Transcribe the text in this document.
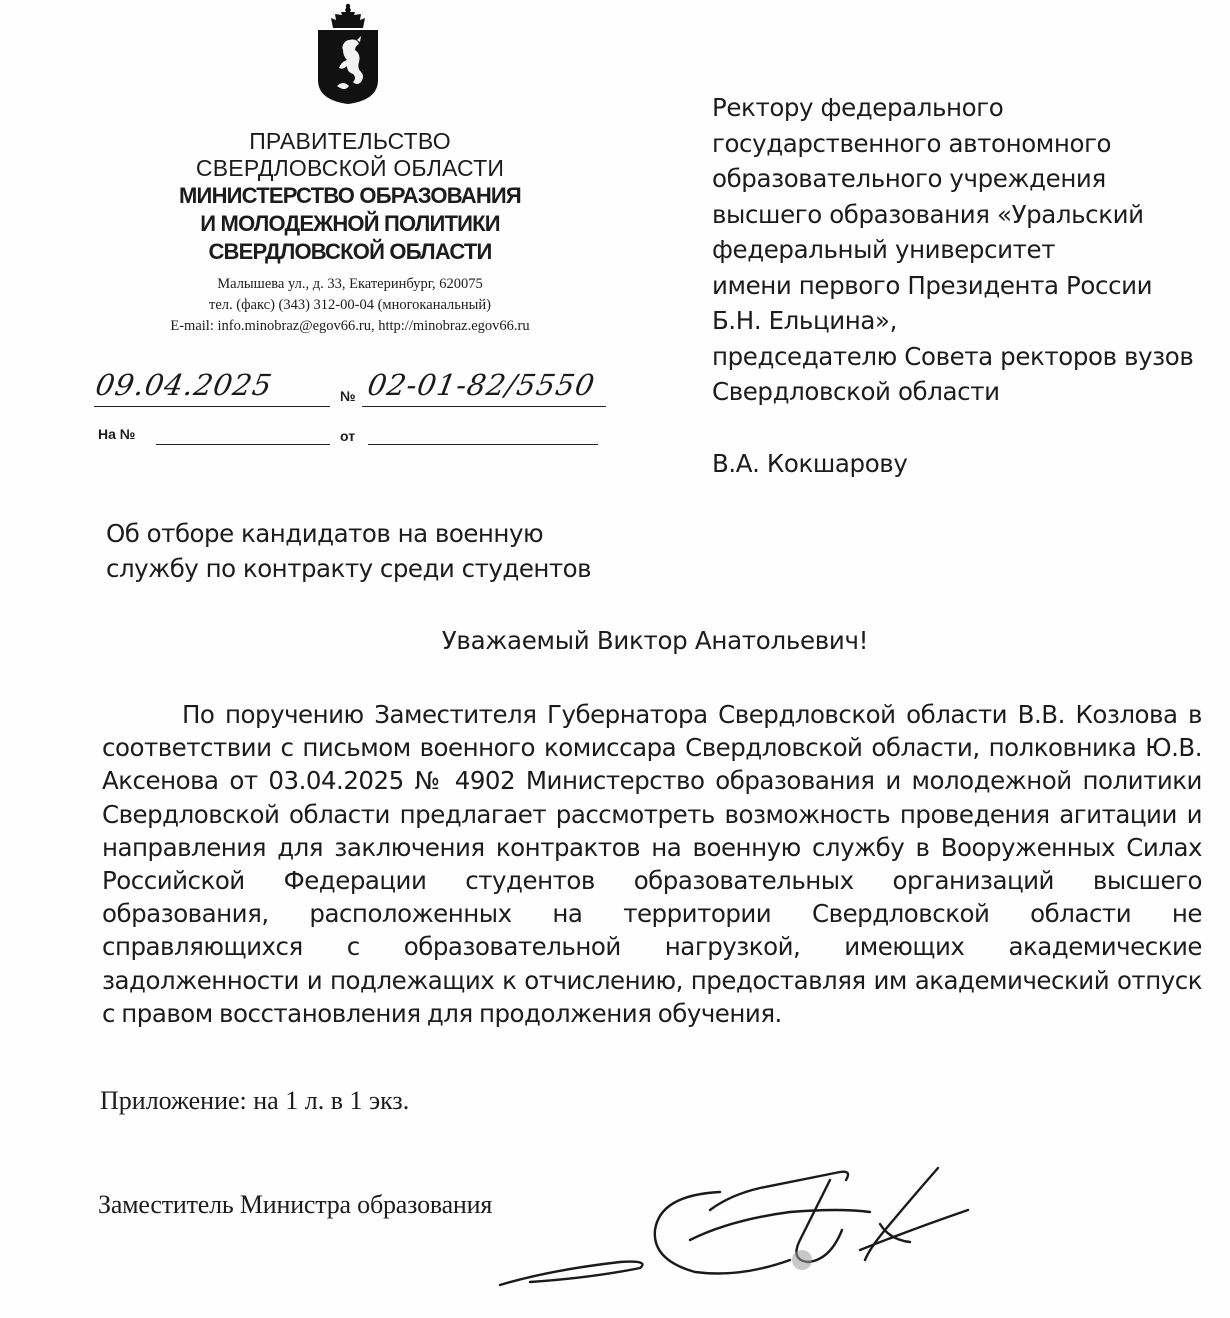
ПРАВИТЕЛЬСТВО
СВЕРДЛОВСКОЙ ОБЛАСТИ
МИНИСТЕРСТВО ОБРАЗОВАНИЯ
И МОЛОДЕЖНОЙ ПОЛИТИКИ
СВЕРДЛОВСКОЙ ОБЛАСТИ
Малышева ул., д. 33, Екатеринбург, 620075
тел. (факс) (343) 312-00-04 (многоканальный)
E-mail: info.minobraz@egov66.ru, http://minobraz.egov66.ru
09.04.2025	№ 02-01-82/5550
На №	от
Ректору федерального
государственного автономного
образовательного учреждения
высшего образования «Уральский
федеральный университет
имени первого Президента России
Б.Н. Ельцина»,
председателю Совета ректоров вузов
Свердловской области
В.А. Кокшарову
Об отборе кандидатов на военную
службу по контракту среди студентов
Уважаемый Виктор Анатольевич!
По поручению Заместителя Губернатора Свердловской области В.В. Козлова в соответствии с письмом военного комиссара Свердловской области, полковника Ю.В. Аксенова от 03.04.2025 № 4902 Министерство образования и молодежной политики Свердловской области предлагает рассмотреть возможность проведения агитации и направления для заключения контрактов на военную службу в Вооруженных Силах Российской Федерации студентов образовательных организаций высшего образования, расположенных на территории Свердловской области не справляющихся с образовательной нагрузкой, имеющих академические задолженности и подлежащих к отчислению, предоставляя им академический отпуск с правом восстановления для продолжения обучения.
Приложение: на 1 л. в 1 экз.
Заместитель Министра образования
